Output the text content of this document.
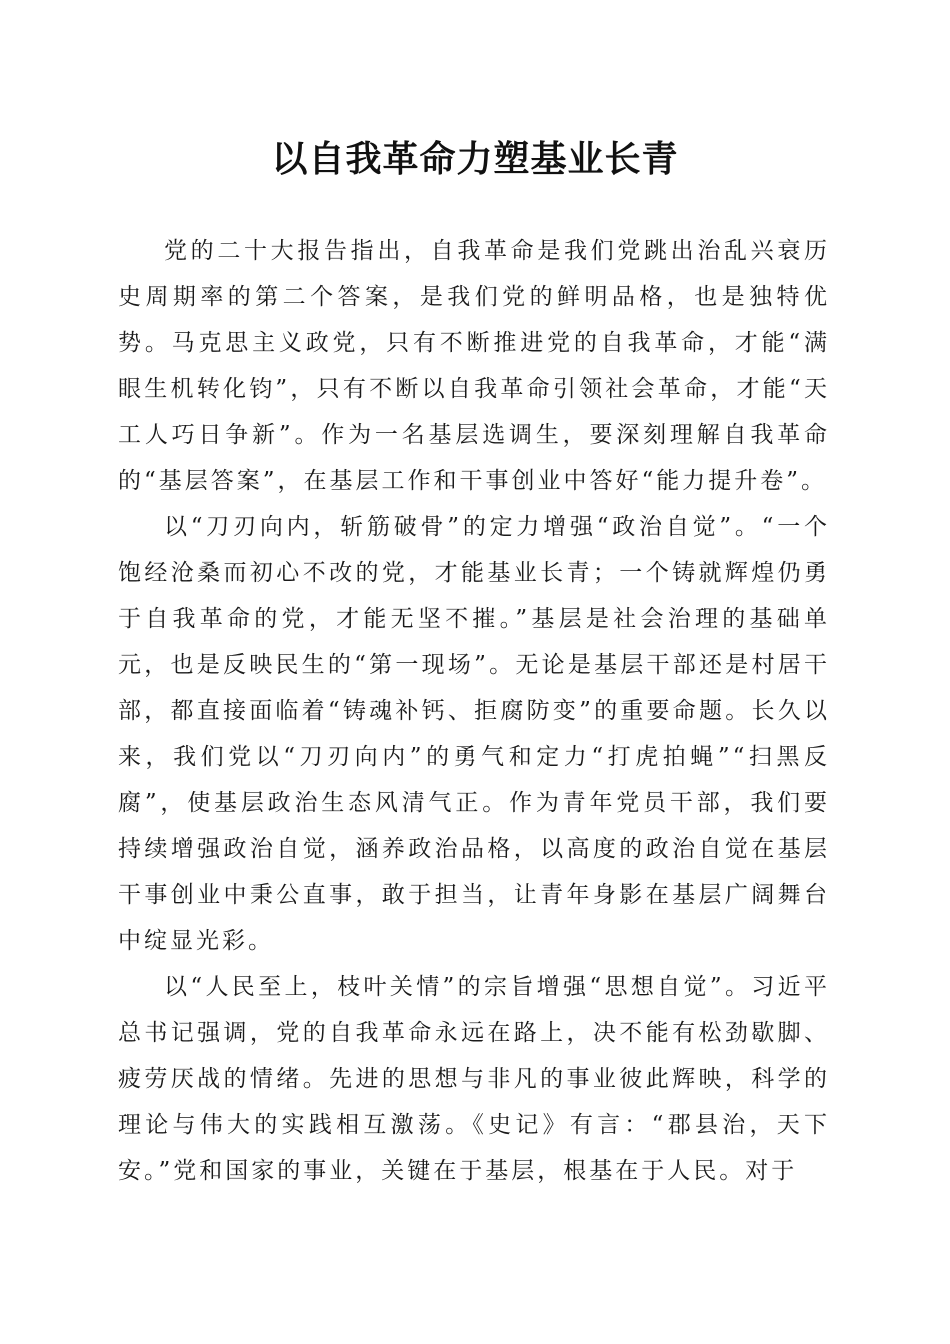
以自我革命力塑基业长青

党的二十大报告指出，自我革命是我们党跳出治乱兴衰历史周期率的第二个答案，是我们党的鲜明品格，也是独特优势。马克思主义政党，只有不断推进党的自我革命，才能“满眼生机转化钧”，只有不断以自我革命引领社会革命，才能“天工人巧日争新”。作为一名基层选调生，要深刻理解自我革命的“基层答案”，在基层工作和干事创业中答好“能力提升卷”。

以“刀刃向内，斩筋破骨”的定力增强“政治自觉”。“一个饱经沧桑而初心不改的党，才能基业长青；一个铸就辉煌仍勇于自我革命的党，才能无坚不摧。”基层是社会治理的基础单元，也是反映民生的“第一现场”。无论是基层干部还是村居干部，都直接面临着“铸魂补钙、拒腐防变”的重要命题。长久以来，我们党以“刀刃向内”的勇气和定力“打虎拍蝇”“扫黑反腐”，使基层政治生态风清气正。作为青年党员干部，我们要持续增强政治自觉，涵养政治品格，以高度的政治自觉在基层干事创业中秉公直事，敢于担当，让青年身影在基层广阔舞台中绽显光彩。

以“人民至上，枝叶关情”的宗旨增强“思想自觉”。习近平总书记强调，党的自我革命永远在路上，决不能有松劲歇脚、疲劳厌战的情绪。先进的思想与非凡的事业彼此辉映，科学的理论与伟大的实践相互激荡。《史记》有言：“郡县治，天下安。”党和国家的事业，关键在于基层，根基在于人民。对于
